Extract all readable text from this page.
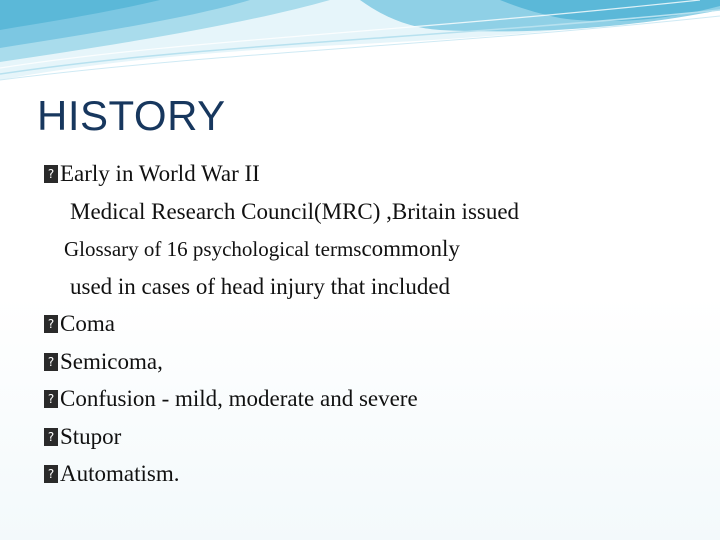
HISTORY
?
Early in World War II
Medical Research Council(MRC) ,Britain issued
Glossary of 16 psychological terms commonly
used in cases of head injury that included
?
Coma
?
Semicoma,
?
Confusion - mild, moderate and severe
?
Stupor
?
Automatism.
